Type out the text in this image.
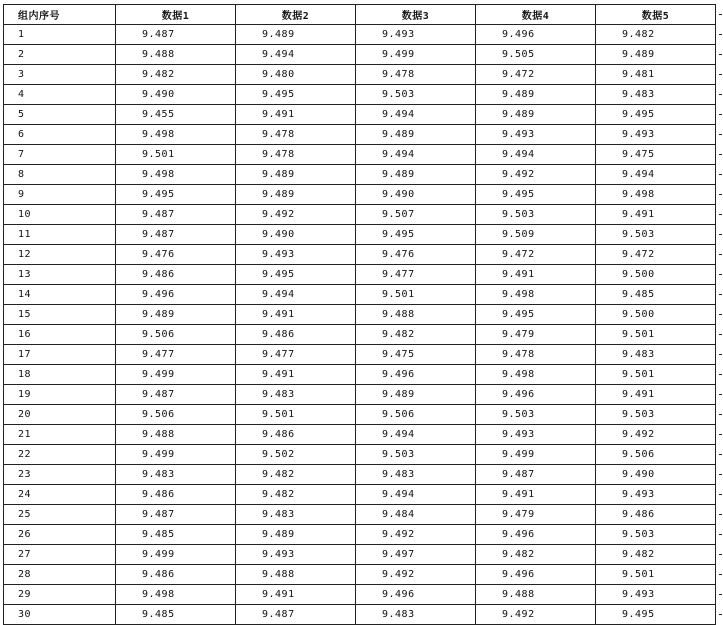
组内序号	数据1	数据2	数据3	数据4	数据5
1	9.487	9.489	9.493	9.496	9.482
2	9.488	9.494	9.499	9.505	9.489
3	9.482	9.480	9.478	9.472	9.481
4	9.490	9.495	9.503	9.489	9.483
5	9.455	9.491	9.494	9.489	9.495
6	9.498	9.478	9.489	9.493	9.493
7	9.501	9.478	9.494	9.494	9.475
8	9.498	9.489	9.489	9.492	9.494
9	9.495	9.489	9.490	9.495	9.498
10	9.487	9.492	9.507	9.503	9.491
11	9.487	9.490	9.495	9.509	9.503
12	9.476	9.493	9.476	9.472	9.472
13	9.486	9.495	9.477	9.491	9.500
14	9.496	9.494	9.501	9.498	9.485
15	9.489	9.491	9.488	9.495	9.500
16	9.506	9.486	9.482	9.479	9.501
17	9.477	9.477	9.475	9.478	9.483
18	9.499	9.491	9.496	9.498	9.501
19	9.487	9.483	9.489	9.496	9.491
20	9.506	9.501	9.506	9.503	9.503
21	9.488	9.486	9.494	9.493	9.492
22	9.499	9.502	9.503	9.499	9.506
23	9.483	9.482	9.483	9.487	9.490
24	9.486	9.482	9.494	9.491	9.493
25	9.487	9.483	9.484	9.479	9.486
26	9.485	9.489	9.492	9.496	9.503
27	9.499	9.493	9.497	9.482	9.482
28	9.486	9.488	9.492	9.496	9.501
29	9.498	9.491	9.496	9.488	9.493
30	9.485	9.487	9.483	9.492	9.495
